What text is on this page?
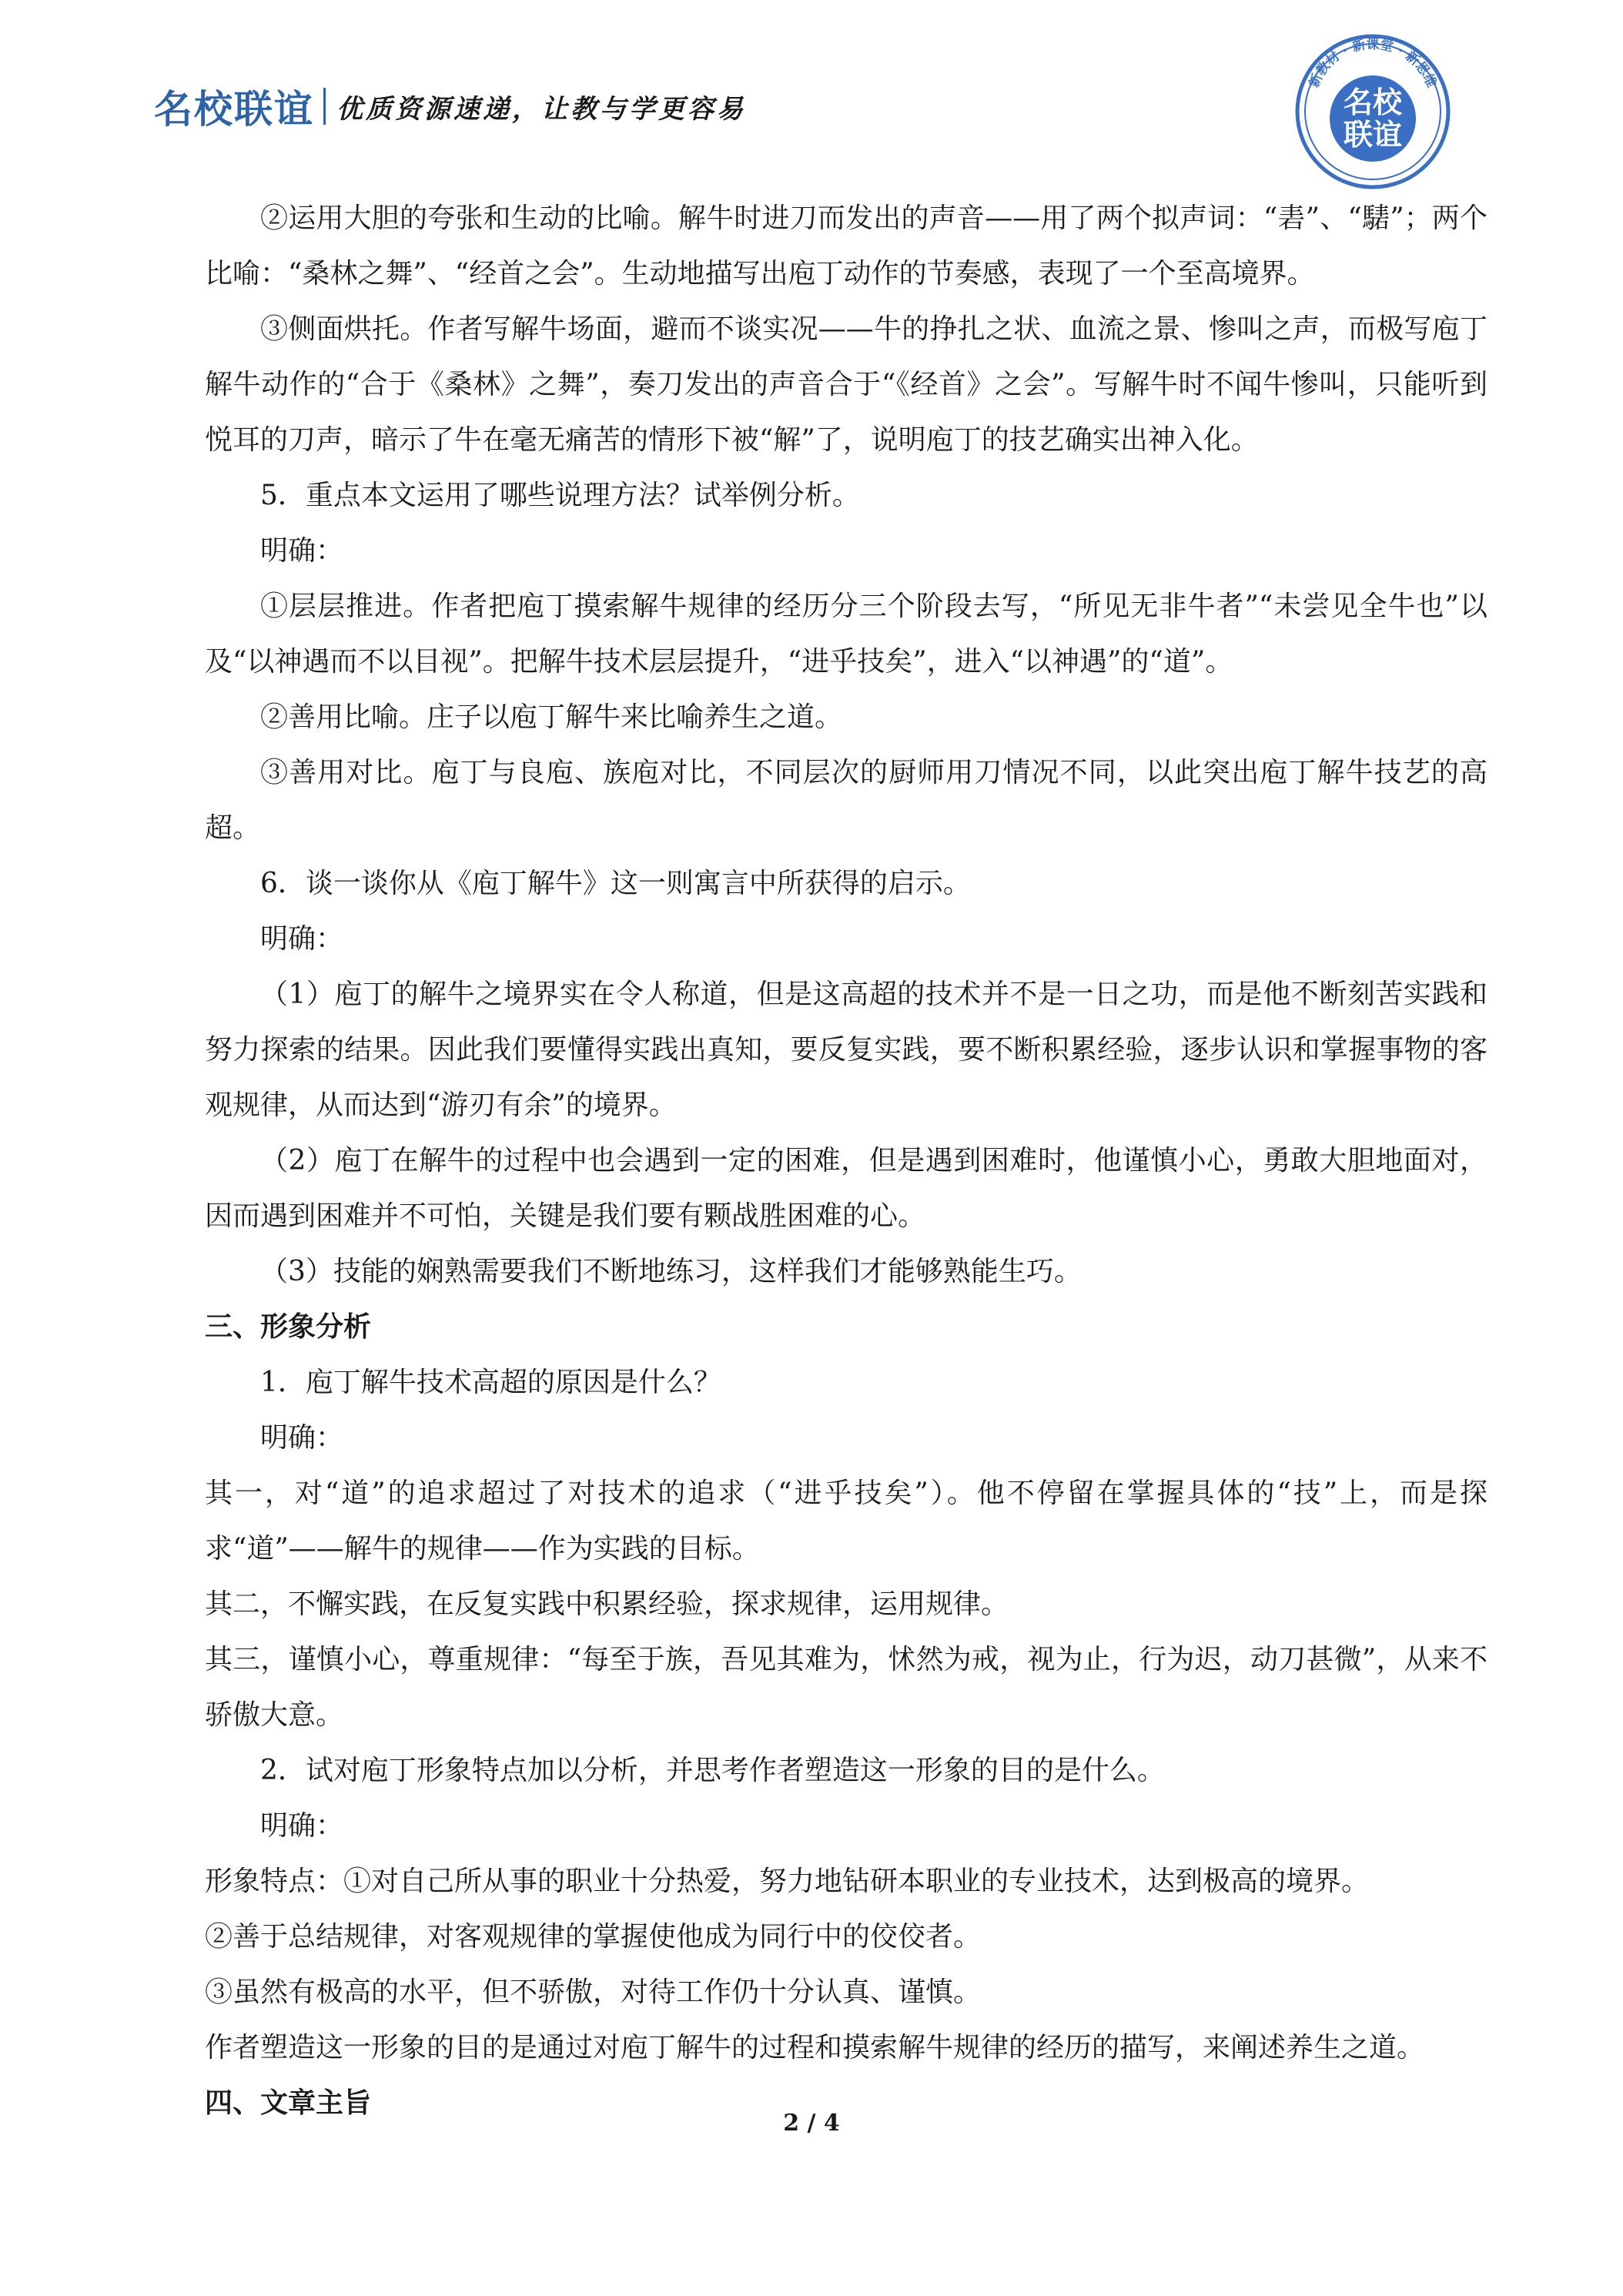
名校联谊 优质资源速递，让教与学更容易
新教材 · 新课堂 · 新思维
名校
联谊

②运用大胆的夸张和生动的比喻。解牛时进刀而发出的声音——用了两个拟声词：“砉”、“騞”；两个比喻：“桑林之舞”、“经首之会”。生动地描写出庖丁动作的节奏感，表现了一个至高境界。

③侧面烘托。作者写解牛场面，避而不谈实况——牛的挣扎之状、血流之景、惨叫之声，而极写庖丁解牛动作的“合于《桑林》之舞”，奏刀发出的声音合于“《经首》之会”。写解牛时不闻牛惨叫，只能听到悦耳的刀声，暗示了牛在毫无痛苦的情形下被“解”了，说明庖丁的技艺确实出神入化。

5．重点本文运用了哪些说理方法？试举例分析。

明确：

①层层推进。作者把庖丁摸索解牛规律的经历分三个阶段去写，“所见无非牛者”“未尝见全牛也”以及“以神遇而不以目视”。把解牛技术层层提升，“进乎技矣”，进入“以神遇”的“道”。

②善用比喻。庄子以庖丁解牛来比喻养生之道。

③善用对比。庖丁与良庖、族庖对比，不同层次的厨师用刀情况不同，以此突出庖丁解牛技艺的高超。

6．谈一谈你从《庖丁解牛》这一则寓言中所获得的启示。

明确：

（1）庖丁的解牛之境界实在令人称道，但是这高超的技术并不是一日之功，而是他不断刻苦实践和努力探索的结果。因此我们要懂得实践出真知，要反复实践，要不断积累经验，逐步认识和掌握事物的客观规律，从而达到“游刃有余”的境界。

（2）庖丁在解牛的过程中也会遇到一定的困难，但是遇到困难时，他谨慎小心，勇敢大胆地面对，因而遇到困难并不可怕，关键是我们要有颗战胜困难的心。

（3）技能的娴熟需要我们不断地练习，这样我们才能够熟能生巧。

三、形象分析

1．庖丁解牛技术高超的原因是什么？

明确：

其一，对“道”的追求超过了对技术的追求（“进乎技矣”）。他不停留在掌握具体的“技”上，而是探求“道”——解牛的规律——作为实践的目标。

其二，不懈实践，在反复实践中积累经验，探求规律，运用规律。

其三，谨慎小心，尊重规律：“每至于族，吾见其难为，怵然为戒，视为止，行为迟，动刀甚微”，从来不骄傲大意。

2．试对庖丁形象特点加以分析，并思考作者塑造这一形象的目的是什么。

明确：

形象特点：①对自己所从事的职业十分热爱，努力地钻研本职业的专业技术，达到极高的境界。

②善于总结规律，对客观规律的掌握使他成为同行中的佼佼者。

③虽然有极高的水平，但不骄傲，对待工作仍十分认真、谨慎。

作者塑造这一形象的目的是通过对庖丁解牛的过程和摸索解牛规律的经历的描写，来阐述养生之道。

四、文章主旨

2 / 4
